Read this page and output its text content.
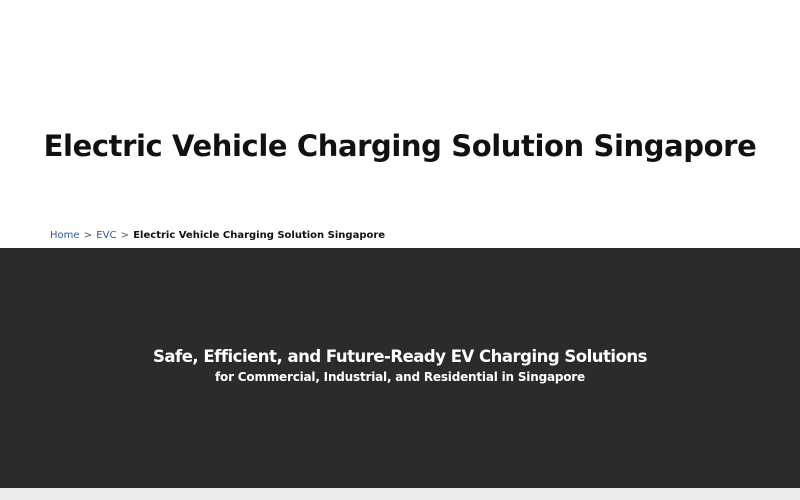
Electric Vehicle Charging Solution Singapore
Home > EVC > Electric Vehicle Charging Solution Singapore
Safe, Efficient, and Future-Ready EV Charging Solutions

for Commercial, Industrial, and Residential in Singapore
